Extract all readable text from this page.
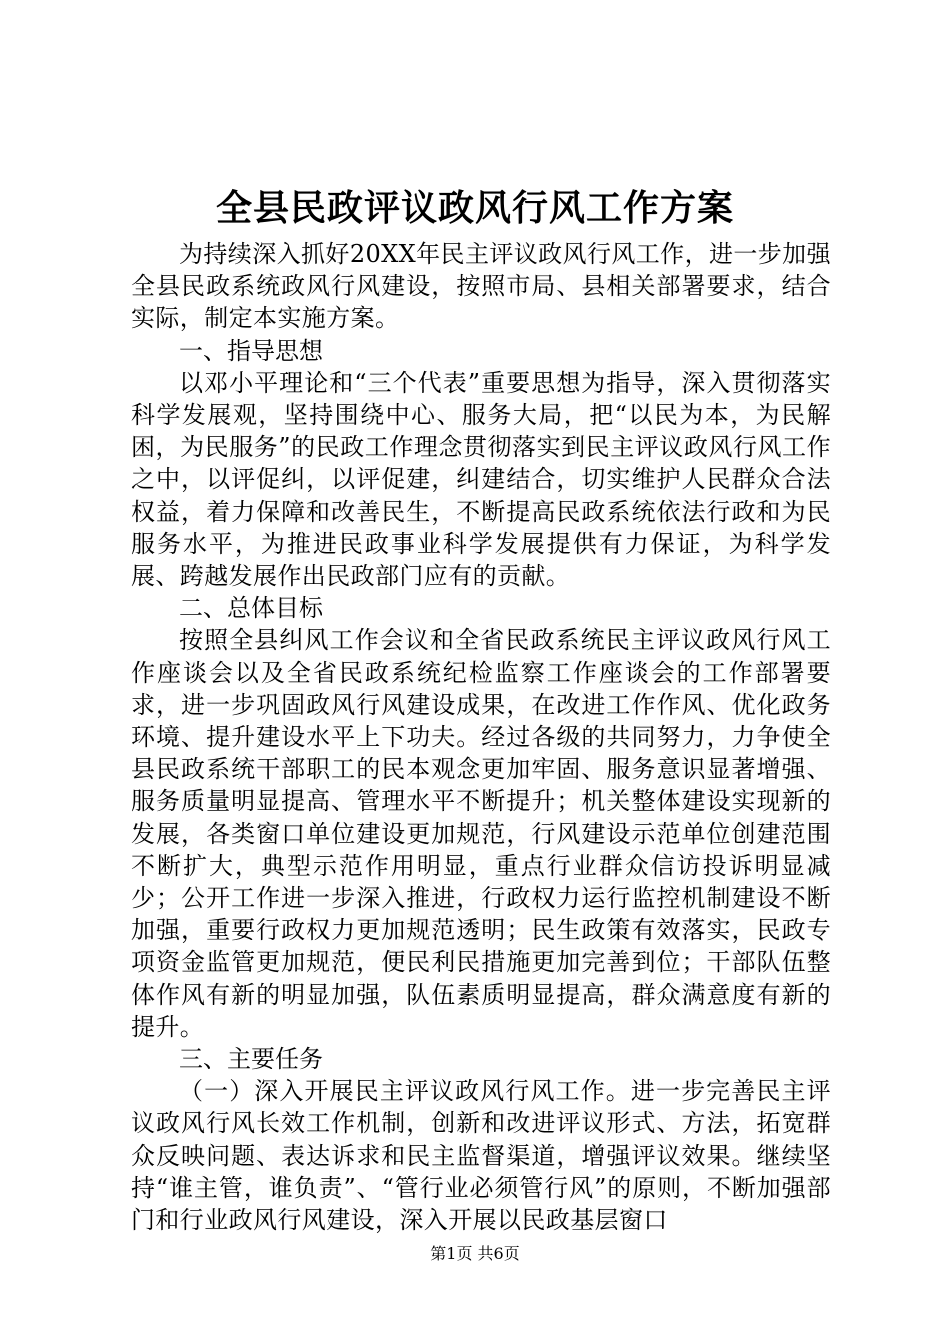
全县民政评议政风行风工作方案

为持续深入抓好20XX年民主评议政风行风工作，进一步加强全县民政系统政风行风建设，按照市局、县相关部署要求，结合实际，制定本实施方案。

一、指导思想

以邓小平理论和“三个代表”重要思想为指导，深入贯彻落实科学发展观，坚持围绕中心、服务大局，把“以民为本，为民解困，为民服务”的民政工作理念贯彻落实到民主评议政风行风工作之中，以评促纠，以评促建，纠建结合，切实维护人民群众合法权益，着力保障和改善民生，不断提高民政系统依法行政和为民服务水平，为推进民政事业科学发展提供有力保证，为科学发展、跨越发展作出民政部门应有的贡献。

二、总体目标

按照全县纠风工作会议和全省民政系统民主评议政风行风工作座谈会以及全省民政系统纪检监察工作座谈会的工作部署要求，进一步巩固政风行风建设成果，在改进工作作风、优化政务环境、提升建设水平上下功夫。经过各级的共同努力，力争使全县民政系统干部职工的民本观念更加牢固、服务意识显著增强、服务质量明显提高、管理水平不断提升；机关整体建设实现新的发展，各类窗口单位建设更加规范，行风建设示范单位创建范围不断扩大，典型示范作用明显，重点行业群众信访投诉明显减少；公开工作进一步深入推进，行政权力运行监控机制建设不断加强，重要行政权力更加规范透明；民生政策有效落实，民政专项资金监管更加规范，便民利民措施更加完善到位；干部队伍整体作风有新的明显加强，队伍素质明显提高，群众满意度有新的提升。

三、主要任务

（一）深入开展民主评议政风行风工作。进一步完善民主评议政风行风长效工作机制，创新和改进评议形式、方法，拓宽群众反映问题、表达诉求和民主监督渠道，增强评议效果。继续坚持“谁主管，谁负责”、“管行业必须管行风”的原则，不断加强部门和行业政风行风建设，深入开展以民政基层窗口

第1页 共6页
